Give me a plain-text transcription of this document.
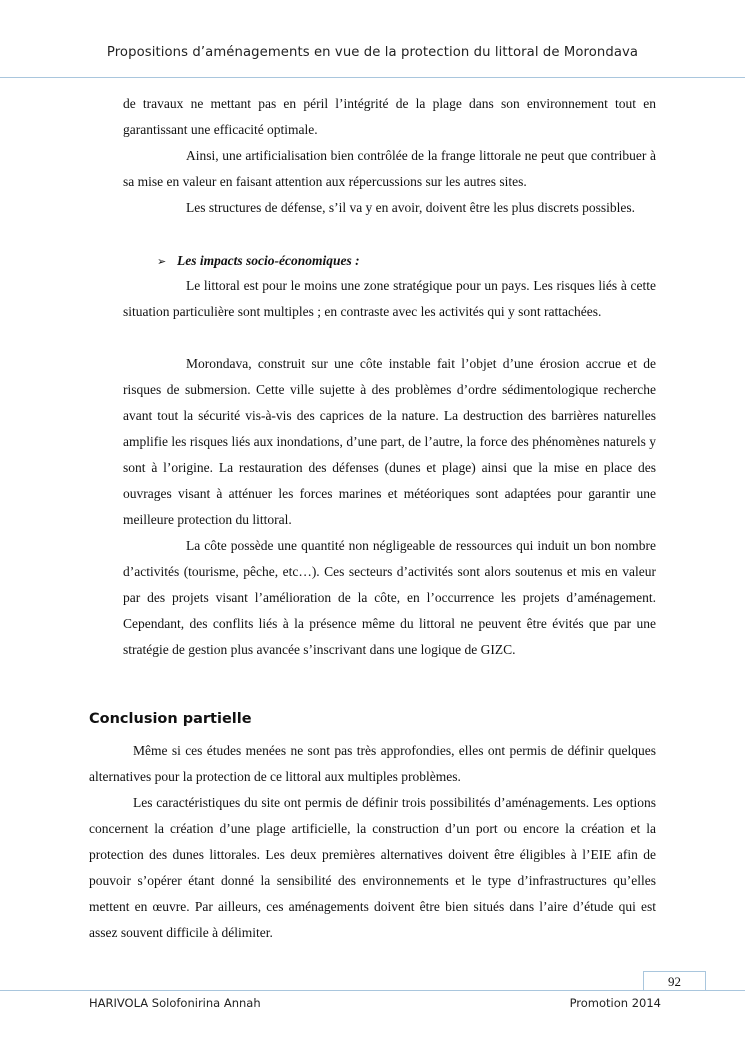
Propositions d’aménagements en vue de la protection du littoral de Morondava

de travaux ne mettant pas en péril l’intégrité de la plage dans son environnement tout en garantissant une efficacité optimale.

Ainsi, une artificialisation bien contrôlée de la frange littorale ne peut que contribuer à sa mise en valeur en faisant attention aux répercussions sur les autres sites.

Les structures de défense, s’il va y en avoir, doivent être les plus discrets possibles.

➢ Les impacts socio-économiques :

Le littoral est pour le moins une zone stratégique pour un pays. Les risques liés à cette situation particulière sont multiples ; en contraste avec les activités qui y sont rattachées.

Morondava, construit sur une côte instable fait l’objet d’une érosion accrue et de risques de submersion. Cette ville sujette à des problèmes d’ordre sédimentologique recherche avant tout la sécurité vis-à-vis des caprices de la nature. La destruction des barrières naturelles amplifie les risques liés aux inondations, d’une part, de l’autre, la force des phénomènes naturels y sont à l’origine. La restauration des défenses (dunes et plage) ainsi que la mise en place des ouvrages visant à atténuer les forces marines et météoriques sont adaptées pour garantir une meilleure protection du littoral.

La côte possède une quantité non négligeable de ressources qui induit un bon nombre d’activités (tourisme, pêche, etc…). Ces secteurs d’activités sont alors soutenus et mis en valeur par des projets visant l’amélioration de la côte, en l’occurrence les projets d’aménagement. Cependant, des conflits liés à la présence même du littoral ne peuvent être évités que par une stratégie de gestion plus avancée s’inscrivant dans une logique de GIZC.

Conclusion partielle

Même si ces études menées ne sont pas très approfondies, elles ont permis de définir quelques alternatives pour la protection de ce littoral aux multiples problèmes.

Les caractéristiques du site ont permis de définir trois possibilités d’aménagements. Les options concernent la création d’une plage artificielle, la construction d’un port ou encore la création et la protection des dunes littorales. Les deux premières alternatives doivent être éligibles à l’EIE afin de pouvoir s’opérer étant donné la sensibilité des environnements et le type d’infrastructures qu’elles mettent en œuvre. Par ailleurs, ces aménagements doivent être bien situés dans l’aire d’étude qui est assez souvent difficile à délimiter.

92
HARIVOLA Solofonirina Annah	Promotion 2014
